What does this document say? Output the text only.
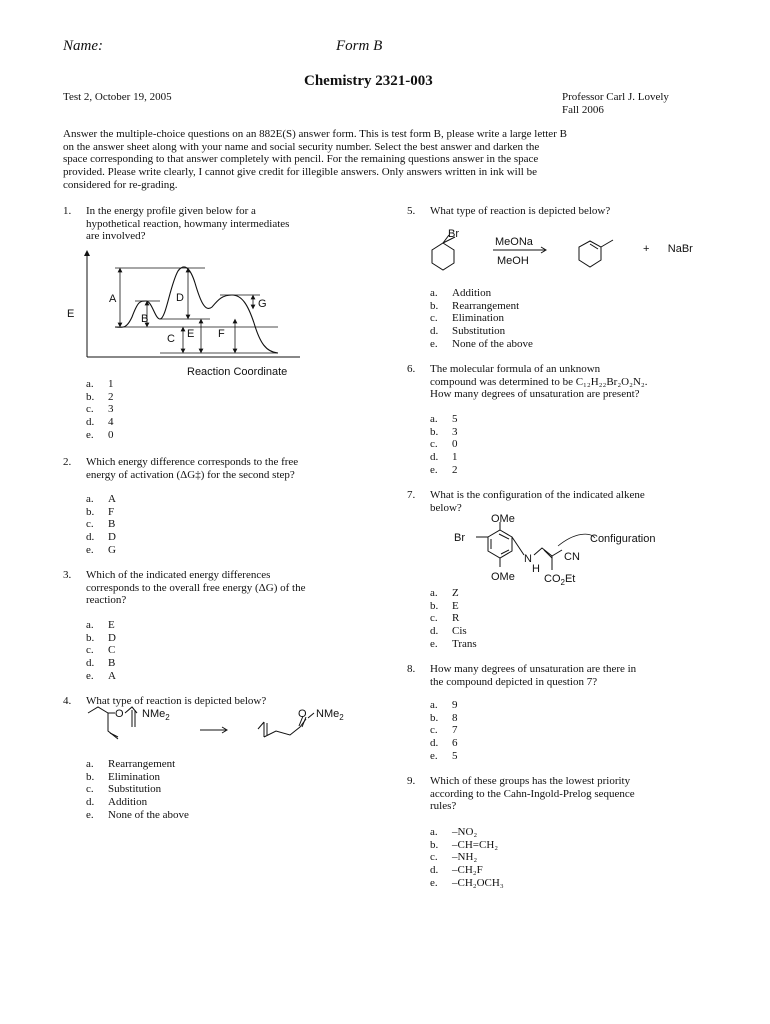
Name:	Form B
Chemistry 2321-003
Test 2, October 19, 2005	Professor Carl J. Lovely
Fall 2006
Answer the multiple-choice questions on an 882E(S) answer form. This is test form B, please write a large letter B
on the answer sheet along with your name and social security number. Select the best answer and darken the
space corresponding to that answer completely with pencil. For the remaining questions answer in the space
provided. Please write clearly, I cannot give credit for illegible answers. Only answers written in ink will be
considered for re-grading.
1. In the energy profile given below for a
hypothetical reaction, howmany intermediates
are involved?
E
Reaction Coordinate
A
B
C
D
E F
G
a. 1
b. 2
c. 3
d. 4
e. 0
2. Which energy difference corresponds to the free
energy of activation (ΔG‡) for the second step?
a. A
b. F
c. B
d. D
e. G
3. Which of the indicated energy differences
corresponds to the overall free energy (ΔG) of the
reaction?
a. E
b. D
c. C
d. B
e. A
4. What type of reaction is depicted below?
O NMe$_2$	O NMe$_2$
a. Rearrangement
b. Elimination
c. Substitution
d. Addition
e. None of the above
5. What type of reaction is depicted below?
Br
MeONa
MeOH
+      NaBr
a. Addition
b. Rearrangement
c. Elimination
d. Substitution
e. None of the above
6. The molecular formula of an unknown
compound was determined to be C₁₂H₂₂Br₂O₂N₂.
How many degrees of unsaturation are present?
a. 5
b. 3
c. 0
d. 1
e. 2
7. What is the configuration of the indicated alkene
below?
OMe
Br
N
H
OMe
CN
$CO_2Et$
Configuration
a. Z
b. E
c. R
d. Cis
e. Trans
8. How many degrees of unsaturation are there in
the compound depicted in question 7?
a. 9
b. 8
c. 7
d. 6
e. 5
9. Which of these groups has the lowest priority
according to the Cahn-Ingold-Prelog sequence
rules?
a. –NO₂
b. –CH=CH₂
c. –NH₂
d. –CH₂F
e. –CH₂OCH₃
